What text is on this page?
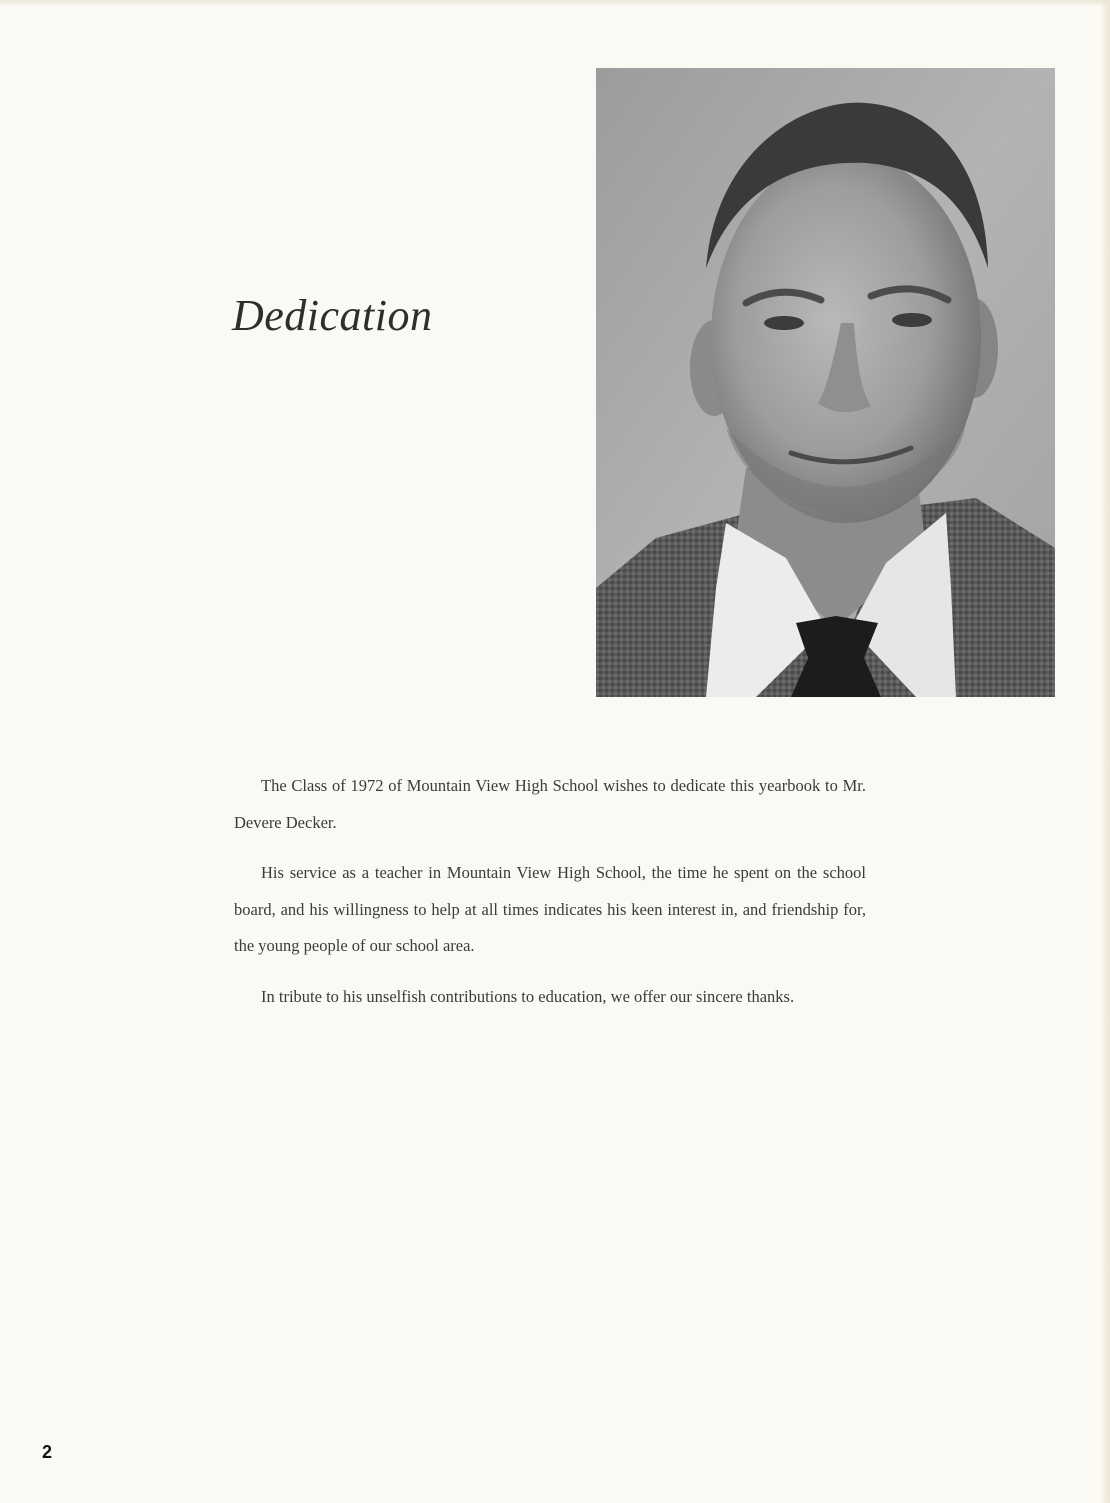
Dedication

The Class of 1972 of Mountain View High School wishes to dedicate this yearbook to Mr. Devere Decker.

His service as a teacher in Mountain View High School, the time he spent on the school board, and his willingness to help at all times indicates his keen interest in, and friendship for, the young people of our school area.

In tribute to his unselfish contributions to education, we offer our sincere thanks.

2
